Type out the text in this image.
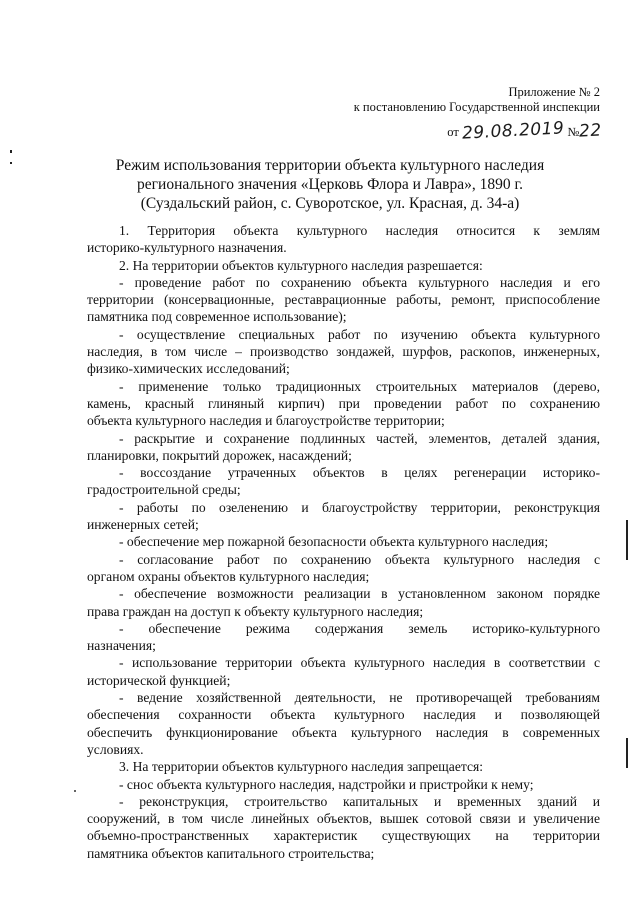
Приложение № 2
к постановлению Государственной инспекции
от 29.08.2019 №22
Режим использования территории объекта культурного наследия
регионального значения «Церковь Флора и Лавра», 1890 г.
(Суздальский район, с. Суворотское, ул. Красная, д. 34-а)
1. Территория объекта культурного наследия относится к землям
историко-культурного назначения.
2. На территории объектов культурного наследия разрешается:
- проведение работ по сохранению объекта культурного наследия и его
территории (консервационные, реставрационные работы, ремонт, приспособление
памятника под современное использование);
- осуществление специальных работ по изучению объекта культурного
наследия, в том числе – производство зондажей, шурфов, раскопов, инженерных,
физико-химических исследований;
- применение только традиционных строительных материалов (дерево,
камень, красный глиняный кирпич) при проведении работ по сохранению
объекта культурного наследия и благоустройстве территории;
- раскрытие и сохранение подлинных частей, элементов, деталей здания,
планировки, покрытий дорожек, насаждений;
- воссоздание утраченных объектов в целях регенерации историко-
градостроительной среды;
- работы по озеленению и благоустройству территории, реконструкция
инженерных сетей;
- обеспечение мер пожарной безопасности объекта культурного наследия;
- согласование работ по сохранению объекта культурного наследия с
органом охраны объектов культурного наследия;
- обеспечение возможности реализации в установленном законом порядке
права граждан на доступ к объекту культурного наследия;
- обеспечение режима содержания земель историко-культурного
назначения;
- использование территории объекта культурного наследия в соответствии с
исторической функцией;
- ведение хозяйственной деятельности, не противоречащей требованиям
обеспечения сохранности объекта культурного наследия и позволяющей
обеспечить функционирование объекта культурного наследия в современных
условиях.
3. На территории объектов культурного наследия запрещается:
- снос объекта культурного наследия, надстройки и пристройки к нему;
- реконструкция, строительство капитальных и временных зданий и
сооружений, в том числе линейных объектов, вышек сотовой связи и увеличение
объемно-пространственных характеристик существующих на территории
памятника объектов капитального строительства;
